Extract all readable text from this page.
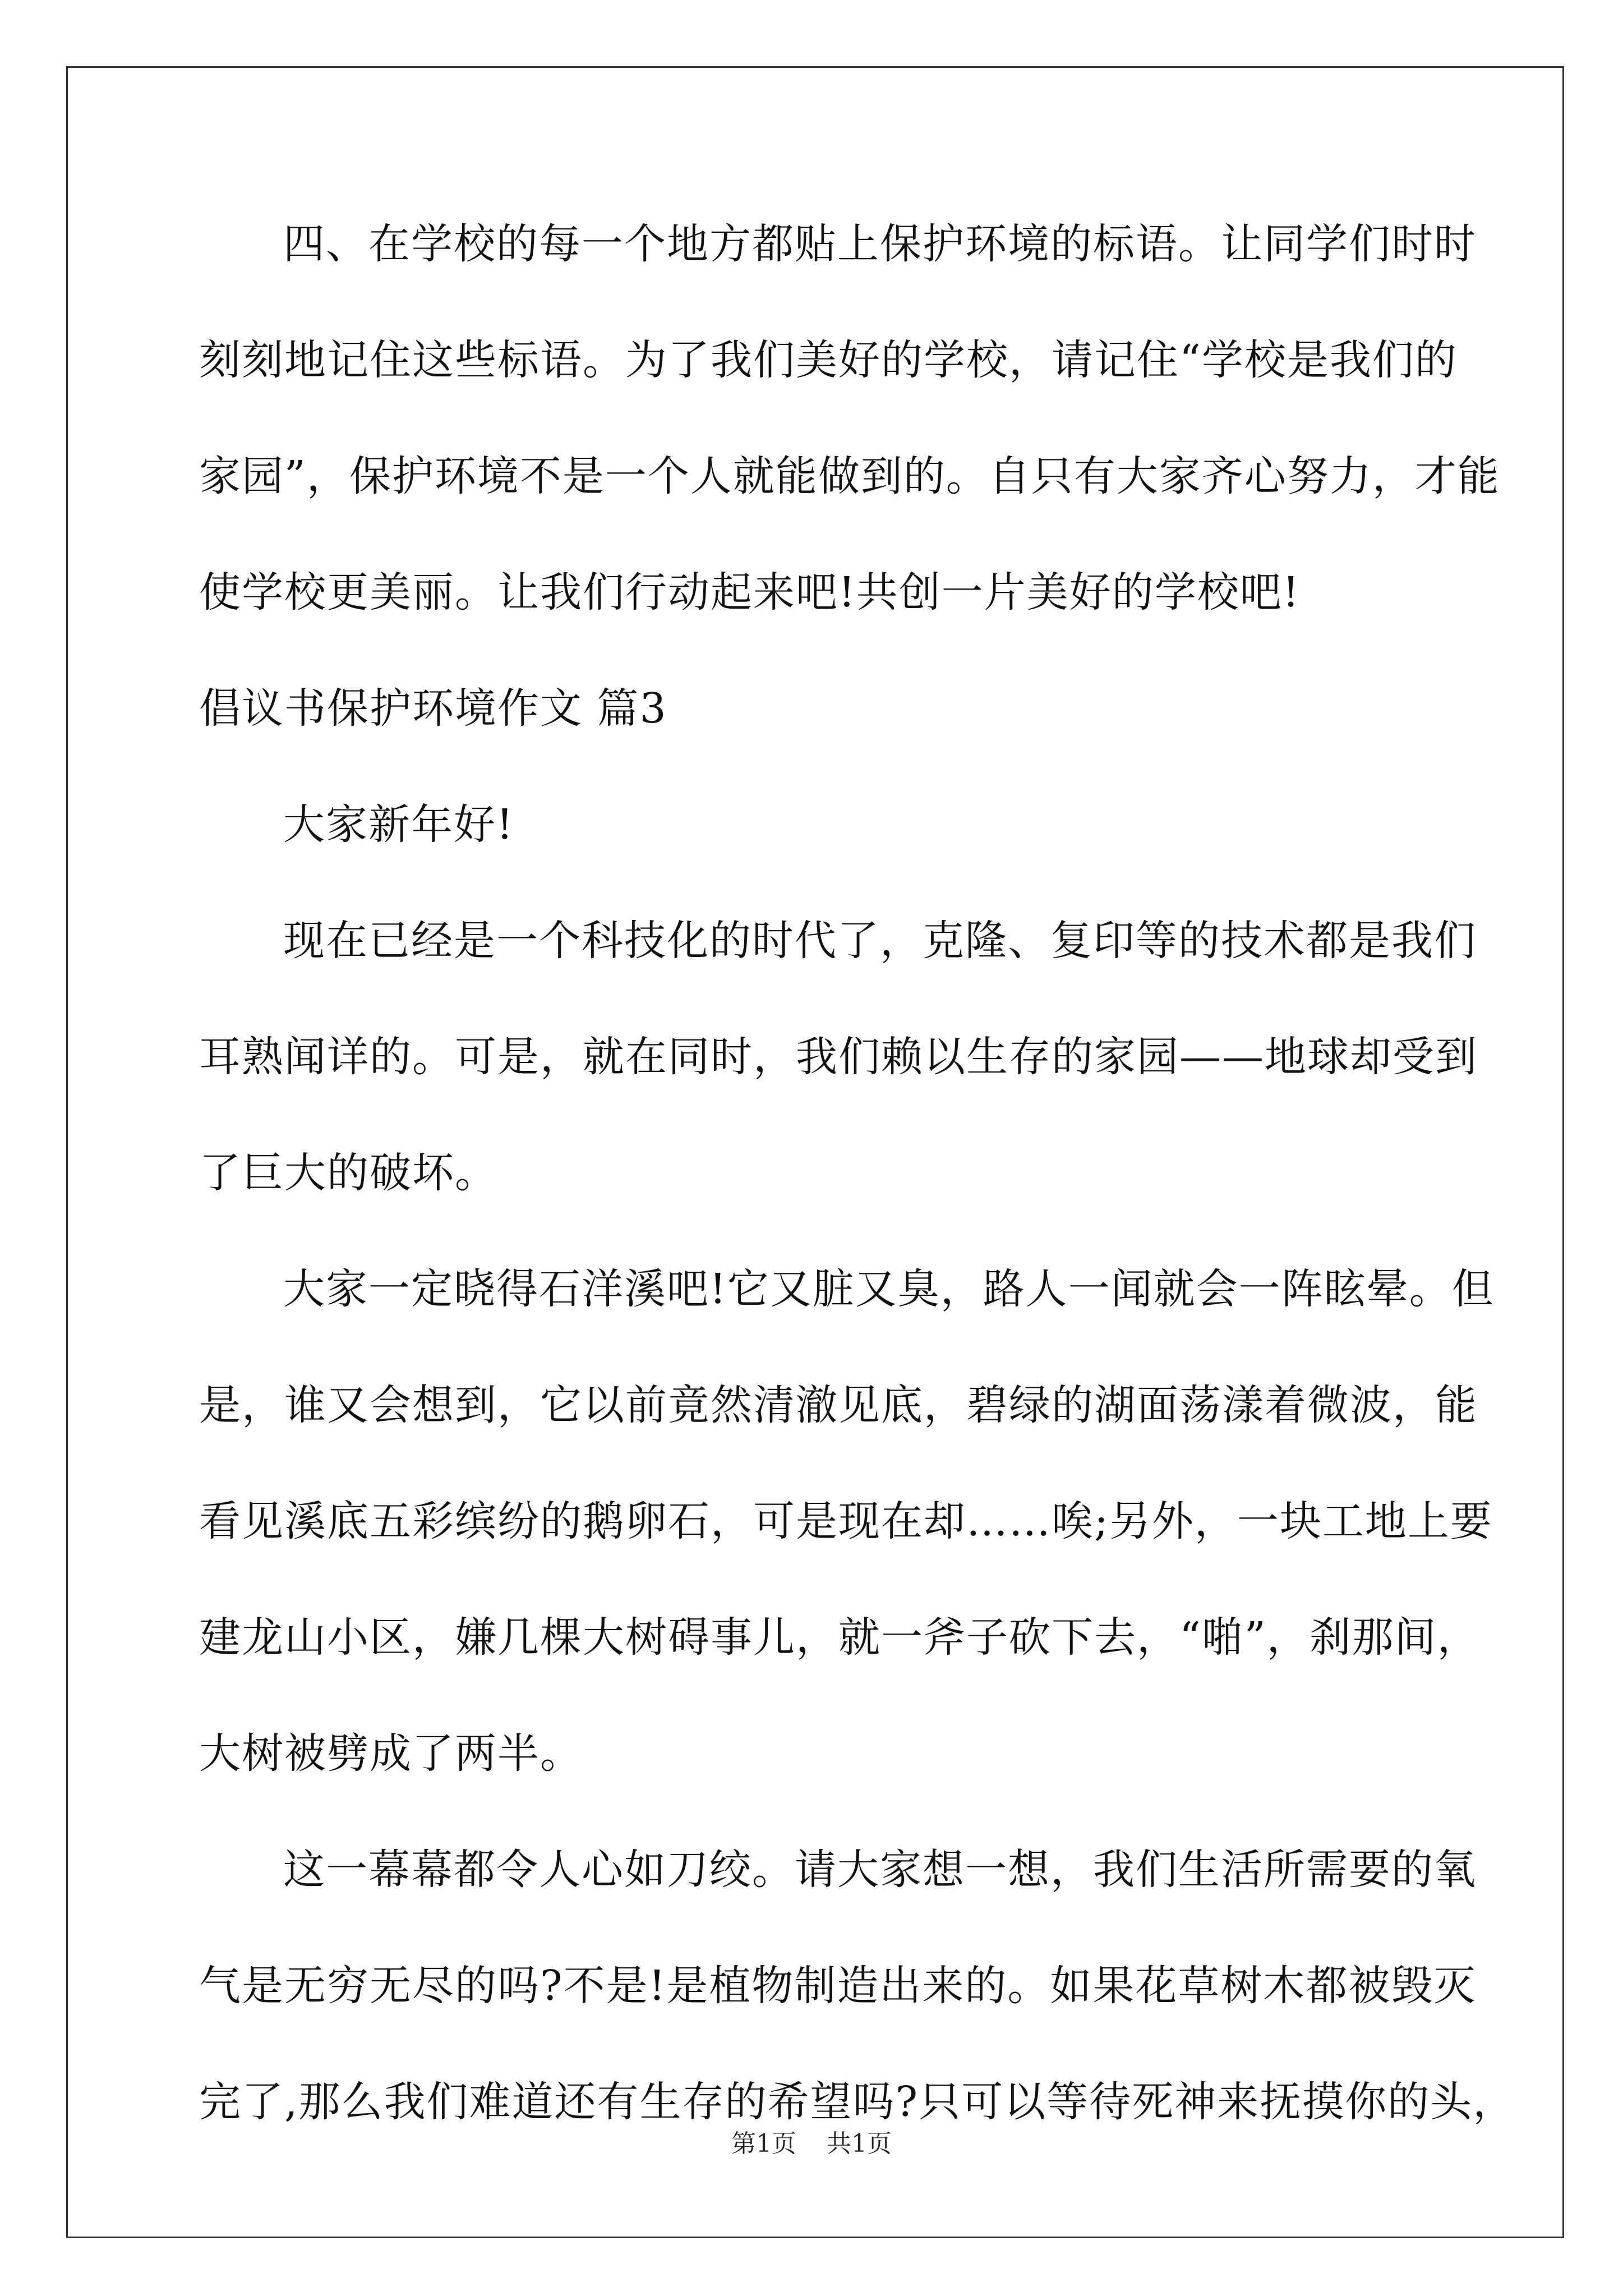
四、在学校的每一个地方都贴上保护环境的标语。让同学们时时
刻刻地记住这些标语。为了我们美好的学校，请记住“学校是我们的
家园”，保护环境不是一个人就能做到的。自只有大家齐心努力，才能
使学校更美丽。让我们行动起来吧!共创一片美好的学校吧!
倡议书保护环境作文 篇3
大家新年好!
现在已经是一个科技化的时代了，克隆、复印等的技术都是我们
耳熟闻详的。可是，就在同时，我们赖以生存的家园——地球却受到
了巨大的破坏。
大家一定晓得石洋溪吧!它又脏又臭，路人一闻就会一阵眩晕。但
是，谁又会想到，它以前竟然清澈见底，碧绿的湖面荡漾着微波，能
看见溪底五彩缤纷的鹅卵石，可是现在却……唉;另外，一块工地上要
建龙山小区，嫌几棵大树碍事儿，就一斧子砍下去，“啪”，刹那间，
大树被劈成了两半。
这一幕幕都令人心如刀绞。请大家想一想，我们生活所需要的氧
气是无穷无尽的吗?不是!是植物制造出来的。如果花草树木都被毁灭
完了,那么我们难道还有生存的希望吗?只可以等待死神来抚摸你的头，
第1页 共1页
